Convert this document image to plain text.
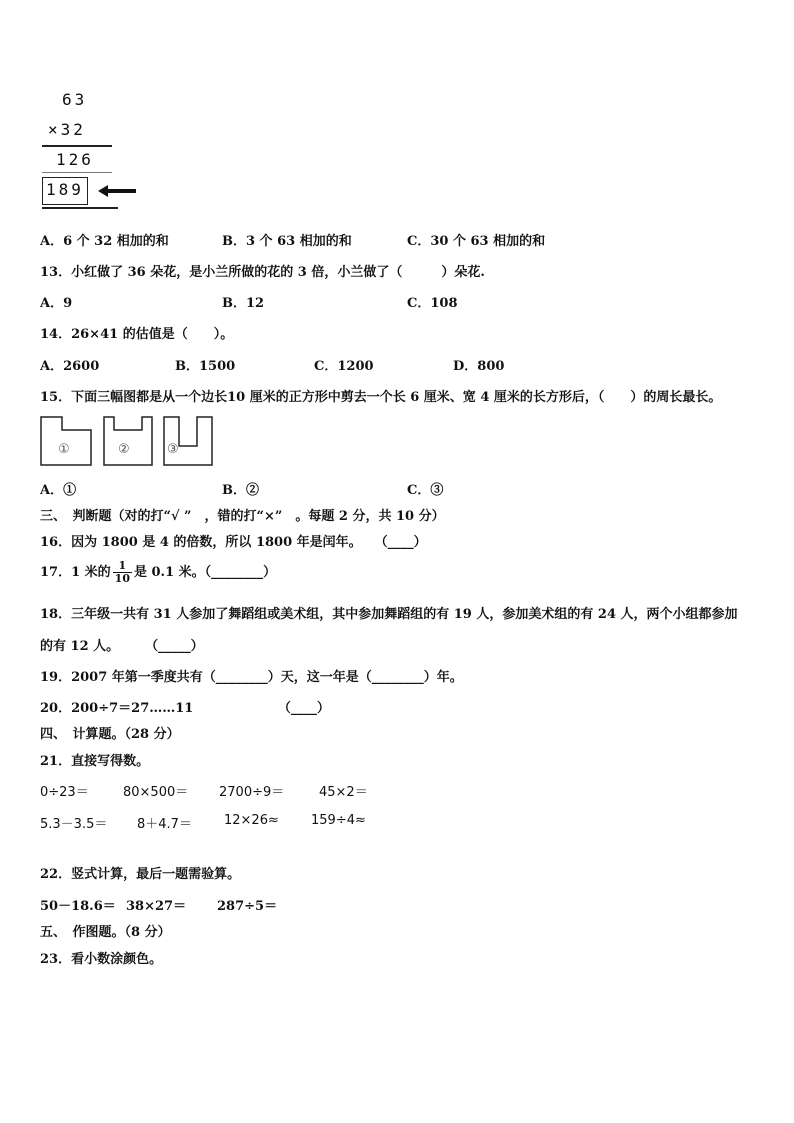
63
×32
126
189
A．6 个 32 相加的和	B．3 个 63 相加的和	C．30 个 63 相加的和
13．小红做了 36 朵花，是小兰所做的花的 3 倍，小兰做了（　　　）朵花.
A．9	B．12	C．108
14．26×41 的估值是（　　）。
A．2600	B．1500	C．1200	D．800
15．下面三幅图都是从一个边长10 厘米的正方形中剪去一个长 6 厘米、宽 4 厘米的长方形后，（　　）的周长最长。
①	②	③
A．①	B．②	C．③
三、　判断题（对的打“√ ”　，错的打“×”　。每题 2 分，共 10 分）
16．因为 1800 是 4 的倍数，所以 1800 年是闰年。　　（____）
17．1 米的 $\frac{1}{10}$ 是 0.1 米。（________）
18．三年级一共有 31 人参加了舞蹈组或美术组，其中参加舞蹈组的有 19 人，参加美术组的有 24 人，两个小组都参加
的有 12 人。　　　（_____）
19．2007 年第一季度共有（________）天，这一年是（________）年。
20．200÷7＝27……11　　　　　　　（____）
四、　计算题。（28 分）
21．直接写得数。
0÷23＝	80×500＝ 2700÷9＝	45×2＝
5.3－3.5＝ 8＋4.7＝ 12×26≈ 159÷4≈
22．竖式计算，最后一题需验算。
50－18.6＝ 38×27＝ 287÷5＝
五、　作图题。（8 分）
23．看小数涂颜色。
